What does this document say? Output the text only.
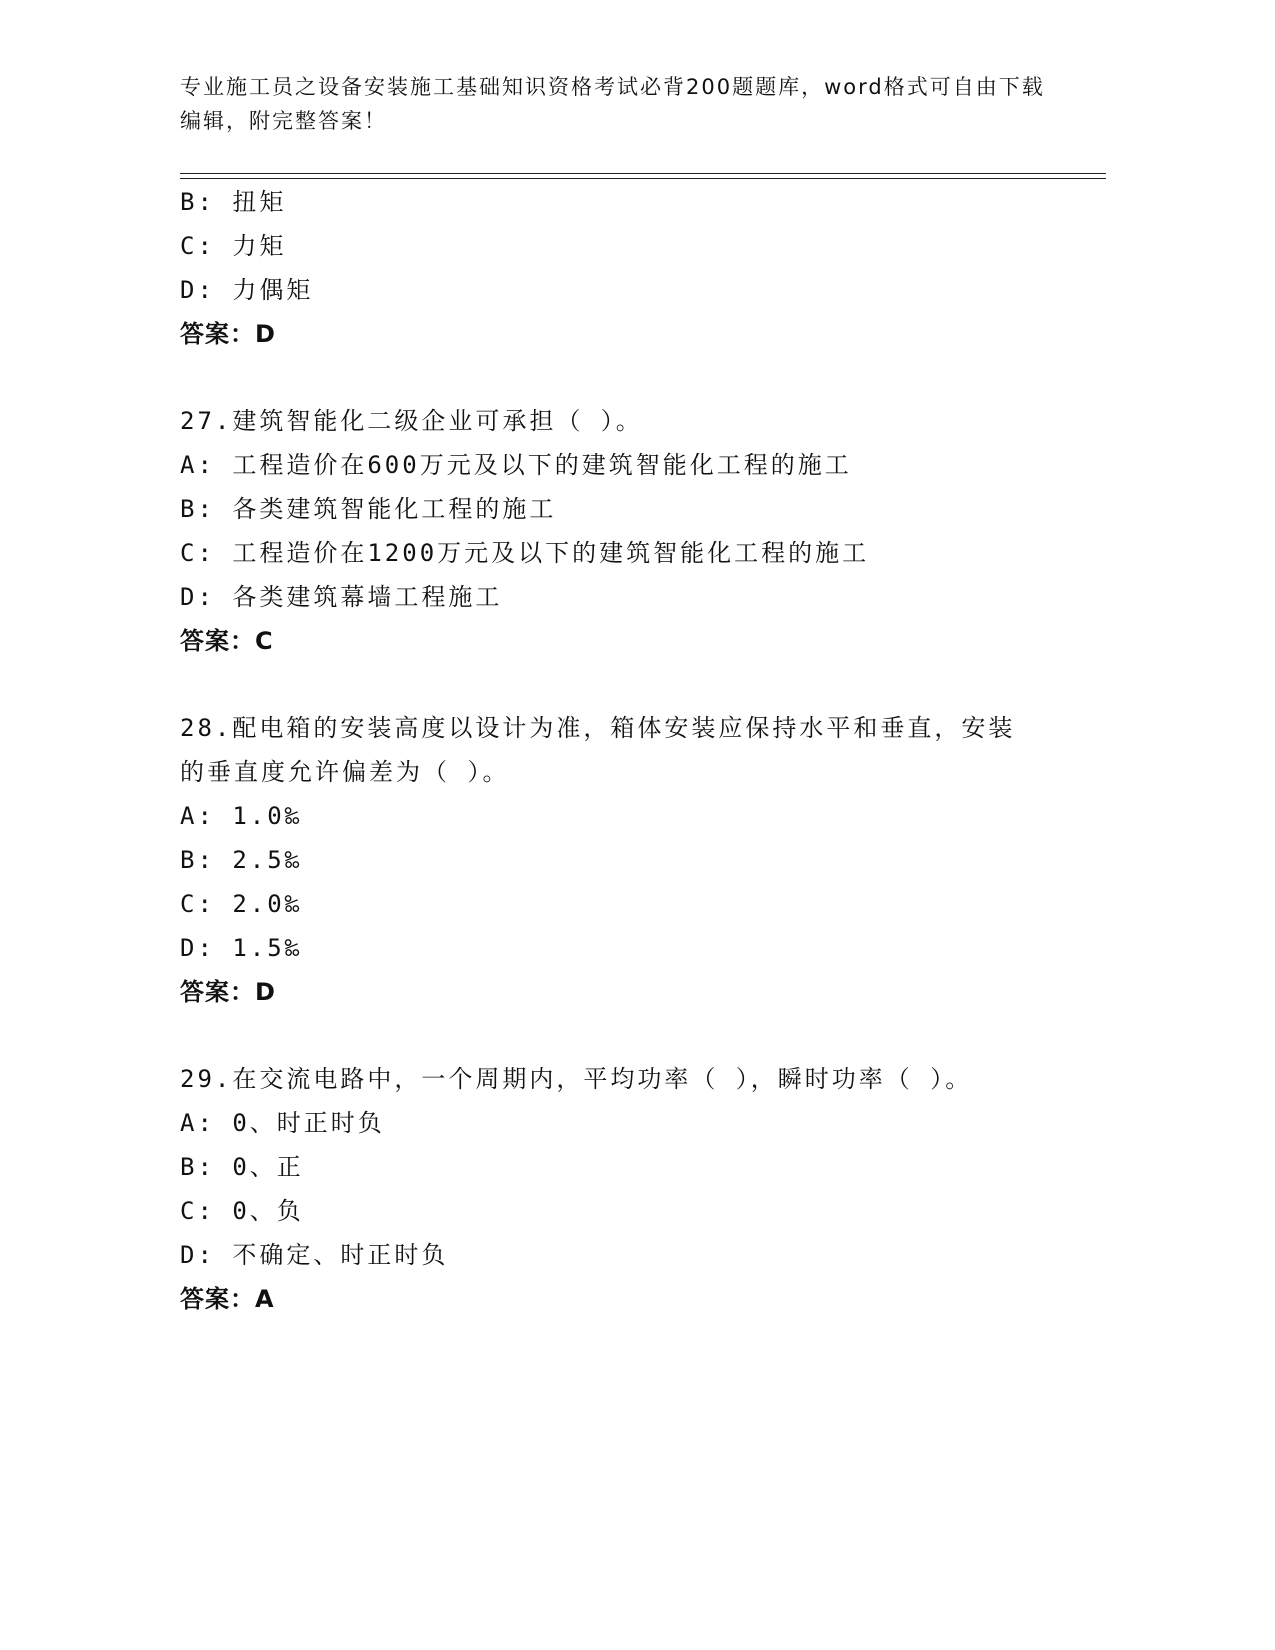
专业施工员之设备安装施工基础知识资格考试必背200题题库，word格式可自由下载编辑，附完整答案！
B: 扭矩
C: 力矩
D: 力偶矩
答案：D
27.建筑智能化二级企业可承担（ ）。
A: 工程造价在600万元及以下的建筑智能化工程的施工
B: 各类建筑智能化工程的施工
C: 工程造价在1200万元及以下的建筑智能化工程的施工
D: 各类建筑幕墙工程施工
答案：C
28.配电箱的安装高度以设计为准，箱体安装应保持水平和垂直，安装
的垂直度允许偏差为（ ）。
A: 1.0‰
B: 2.5‰
C: 2.0‰
D: 1.5‰
答案：D
29.在交流电路中，一个周期内，平均功率（ ），瞬时功率（ ）。
A: 0、时正时负
B: 0、正
C: 0、负
D: 不确定、时正时负
答案：A
